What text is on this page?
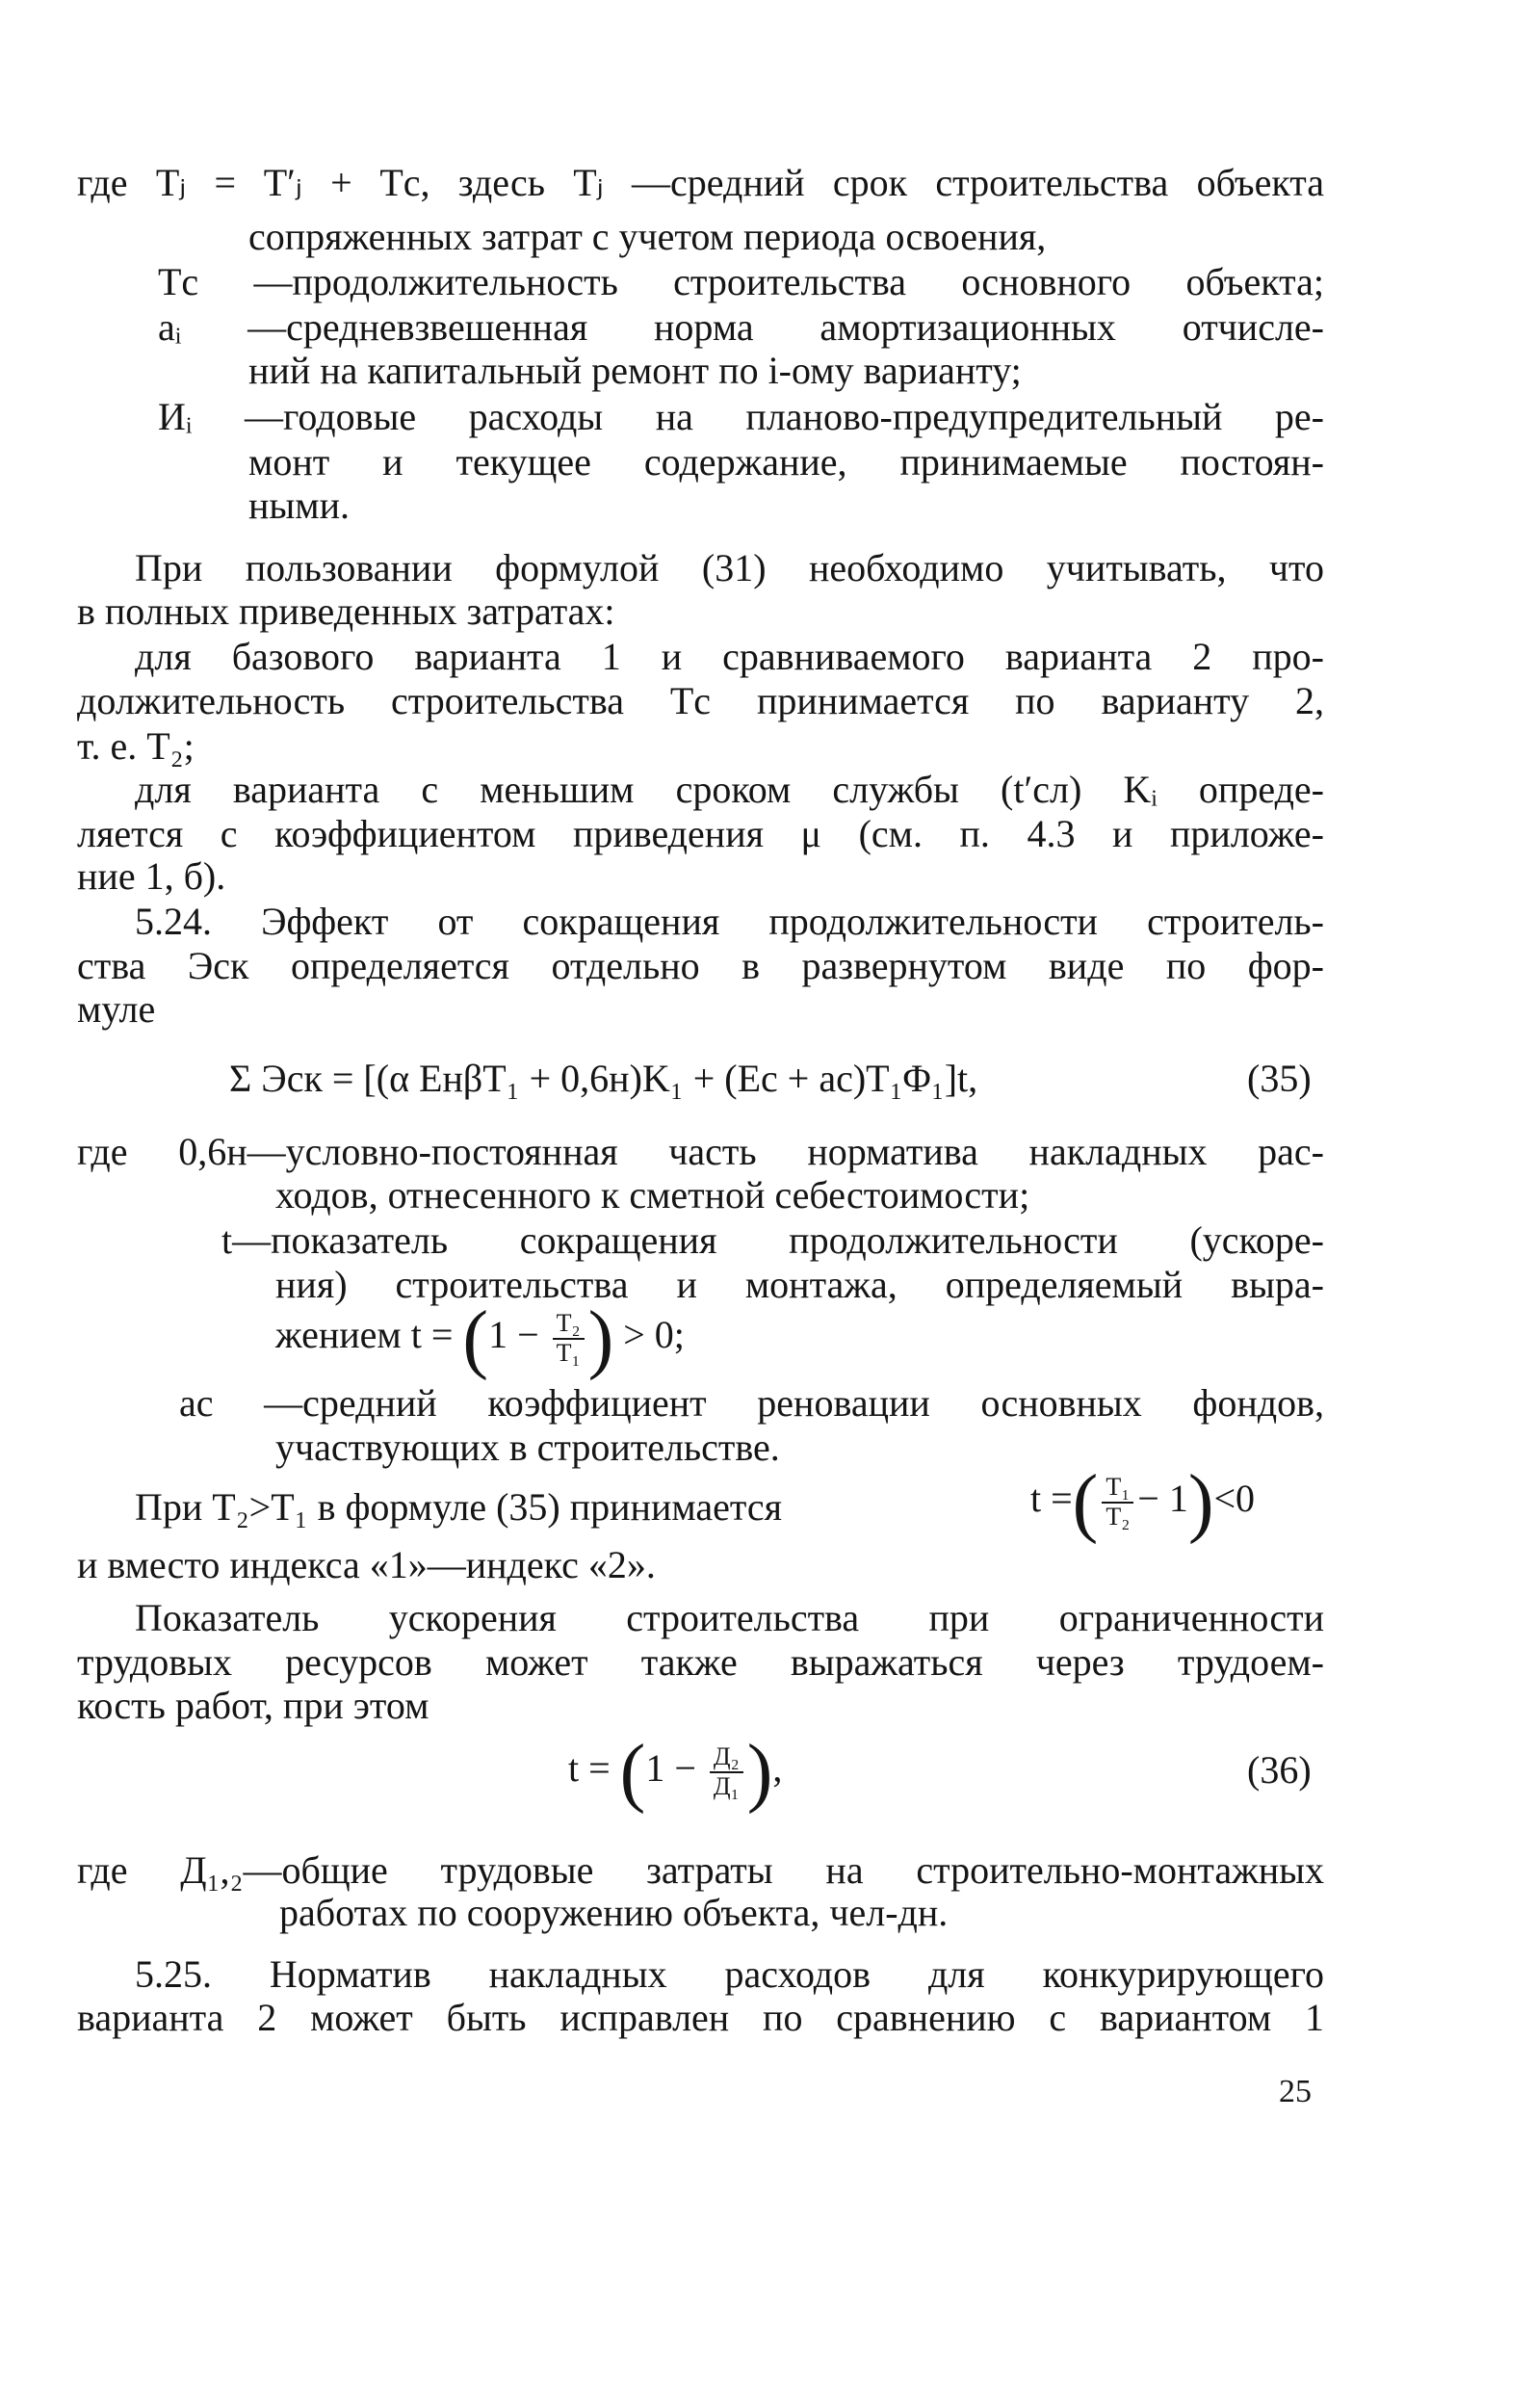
где Tⱼ = T′ⱼ + Tс, здесь Tⱼ —средний срок строительства объекта
сопряженных затрат с учетом периода освоения,
Tс —продолжительность строительства основного объекта;
aᵢ —средневзвешенная норма амортизационных отчисле-
ний на капитальный ремонт по i-ому варианту;
Иᵢ —годовые расходы на планово-предупредительный ре-
монт и текущее содержание, принимаемые постоян-
ными.
При пользовании формулой (31) необходимо учитывать, что
в полных приведенных затратах:
для базового варианта 1 и сравниваемого варианта 2 про-
должительность строительства Tс принимается по варианту 2,
т. е. T₂;
для варианта с меньшим сроком службы (t′сл) Kᵢ опреде-
ляется с коэффициентом приведения μ (см. п. 4.3 и приложе-
ние 1, б).
5.24. Эффект от сокращения продолжительности строитель-
ства Эск определяется отдельно в развернутом виде по фор-
муле
Σ Эск = [(α EнβT₁ + 0,6н)K₁ + (Eс + aс)T₁Φ₁]t,	(35)
где 0,6н—условно-постоянная часть норматива накладных рас-
ходов, отнесенного к сметной себестоимости;
t—показатель сокращения продолжительности (ускоре-
ния) строительства и монтажа, определяемый выра-
жением $t = (1 - \frac{\text{T₂}}{\text{T₁}}$ ) > 0;
aс —средний коэффициент реновации основных фондов,
участвующих в строительстве.
При T₂>T₁ в формуле (35) принимается	t =( $\frac{\text{T₁}}{\text{T₂}} - 1)<0$
и вместо индекса «1»—индекс «2».
Показатель ускорения строительства при ограниченности
трудовых ресурсов может также выражаться через трудоем-
кость работ, при этом
$t = (1 - \frac{\text{Д₂}}{\text{Д₁}}$ ),	(36)
где Д₁,₂—общие трудовые затраты на строительно-монтажных
работах по сооружению объекта, чел-дн.
5.25. Норматив накладных расходов для конкурирующего
варианта 2 может быть исправлен по сравнению с вариантом 1
25
